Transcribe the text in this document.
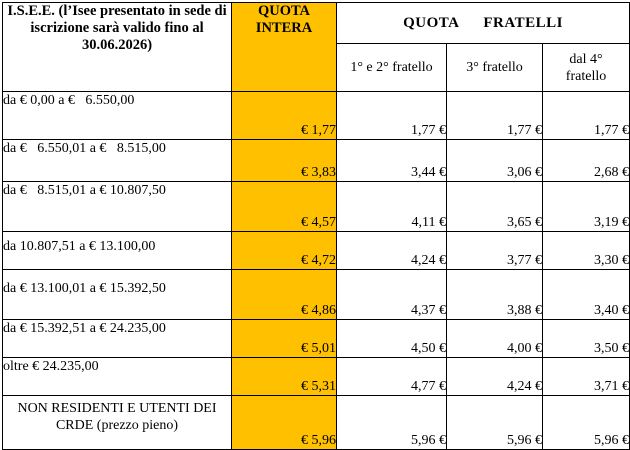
I.S.E.E. (l’Isee presentato in sede di iscrizione sarà valido fino al 30.06.2026)	QUOTA INTERA	QUOTA   FRATELLI		
		1° e 2° fratello	3° fratello	dal 4° fratello
da € 0,00 a €   6.550,00	€ 1,77	1,77 €	1,77 €	1,77 €
da €   6.550,01 a €   8.515,00	€ 3,83	3,44 €	3,06 €	2,68 €
da €   8.515,01 a € 10.807,50	€ 4,57	4,11 €	3,65 €	3,19 €
da 10.807,51 a € 13.100,00	€ 4,72	4,24 €	3,77 €	3,30 €
da € 13.100,01 a € 15.392,50	€ 4,86	4,37 €	3,88 €	3,40 €
da € 15.392,51 a € 24.235,00	€ 5,01	4,50 €	4,00 €	3,50 €
oltre € 24.235,00	€ 5,31	4,77 €	4,24 €	3,71 €
NON RESIDENTI E UTENTI DEI CRDE (prezzo pieno)	€ 5,96	5,96 €	5,96 €	5,96 €
